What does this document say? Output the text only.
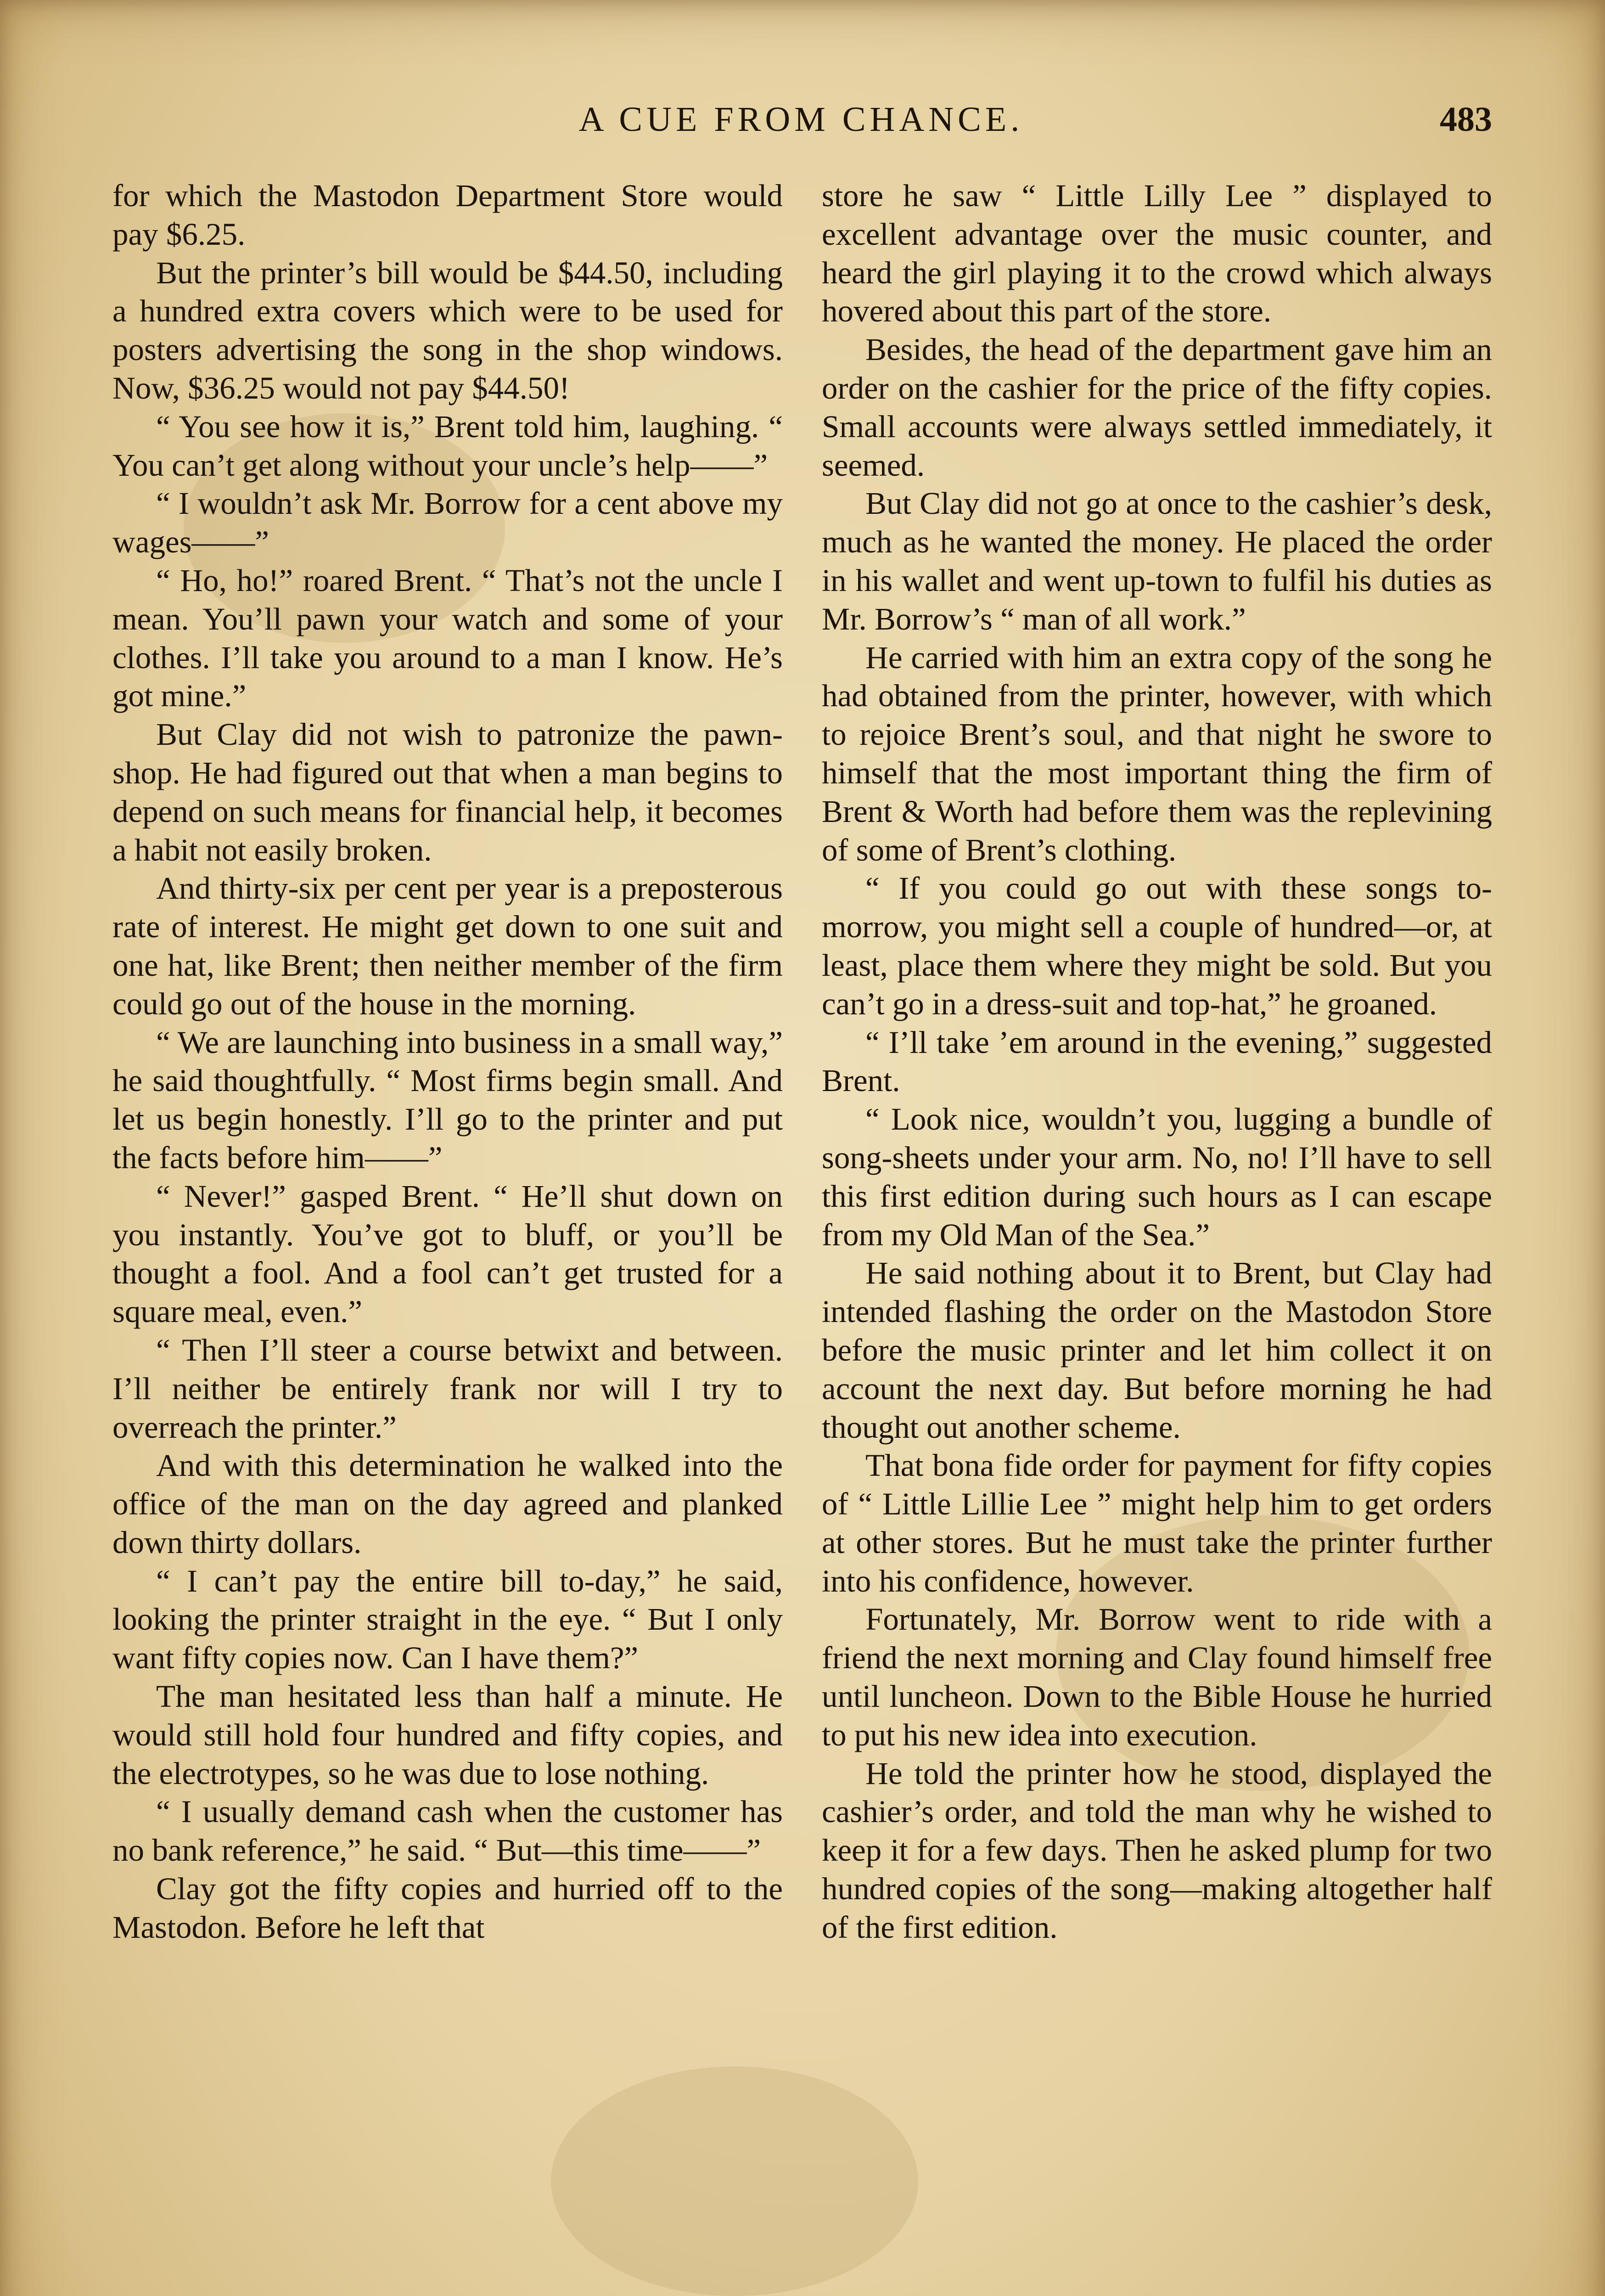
A CUE FROM CHANCE.	483

for which the Mastodon Department Store would pay $6.25.

But the printer’s bill would be $44.50, including a hundred extra covers which were to be used for posters advertising the song in the shop windows. Now, $36.25 would not pay $44.50!

“ You see how it is,” Brent told him, laughing. “ You can’t get along without your uncle’s help——”

“ I wouldn’t ask Mr. Borrow for a cent above my wages——”

“ Ho, ho!” roared Brent. “ That’s not the uncle I mean. You’ll pawn your watch and some of your clothes. I’ll take you around to a man I know. He’s got mine.”

But Clay did not wish to patronize the pawn-shop. He had figured out that when a man begins to depend on such means for financial help, it becomes a habit not easily broken.

And thirty-six per cent per year is a preposterous rate of interest. He might get down to one suit and one hat, like Brent; then neither member of the firm could go out of the house in the morning.

“ We are launching into business in a small way,” he said thoughtfully. “ Most firms begin small. And let us begin honestly. I’ll go to the printer and put the facts before him——”

“ Never!” gasped Brent. “ He’ll shut down on you instantly. You’ve got to bluff, or you’ll be thought a fool. And a fool can’t get trusted for a square meal, even.”

“ Then I’ll steer a course betwixt and between. I’ll neither be entirely frank nor will I try to overreach the printer.”

And with this determination he walked into the office of the man on the day agreed and planked down thirty dollars.

“ I can’t pay the entire bill to-day,” he said, looking the printer straight in the eye. “ But I only want fifty copies now. Can I have them?”

The man hesitated less than half a minute. He would still hold four hundred and fifty copies, and the electrotypes, so he was due to lose nothing.

“ I usually demand cash when the customer has no bank reference,” he said. “ But—this time——”

Clay got the fifty copies and hurried off to the Mastodon. Before he left that

store he saw “ Little Lilly Lee ” displayed to excellent advantage over the music counter, and heard the girl playing it to the crowd which always hovered about this part of the store.

Besides, the head of the department gave him an order on the cashier for the price of the fifty copies. Small accounts were always settled immediately, it seemed.

But Clay did not go at once to the cashier’s desk, much as he wanted the money. He placed the order in his wallet and went up-town to fulfil his duties as Mr. Borrow’s “ man of all work.”

He carried with him an extra copy of the song he had obtained from the printer, however, with which to rejoice Brent’s soul, and that night he swore to himself that the most important thing the firm of Brent & Worth had before them was the replevining of some of Brent’s clothing.

“ If you could go out with these songs to-morrow, you might sell a couple of hundred—or, at least, place them where they might be sold. But you can’t go in a dress-suit and top-hat,” he groaned.

“ I’ll take ’em around in the evening,” suggested Brent.

“ Look nice, wouldn’t you, lugging a bundle of song-sheets under your arm. No, no! I’ll have to sell this first edition during such hours as I can escape from my Old Man of the Sea.”

He said nothing about it to Brent, but Clay had intended flashing the order on the Mastodon Store before the music printer and let him collect it on account the next day. But before morning he had thought out another scheme.

That bona fide order for payment for fifty copies of “ Little Lillie Lee ” might help him to get orders at other stores. But he must take the printer further into his confidence, however.

Fortunately, Mr. Borrow went to ride with a friend the next morning and Clay found himself free until luncheon. Down to the Bible House he hurried to put his new idea into execution.

He told the printer how he stood, displayed the cashier’s order, and told the man why he wished to keep it for a few days. Then he asked plump for two hundred copies of the song—making altogether half of the first edition.
